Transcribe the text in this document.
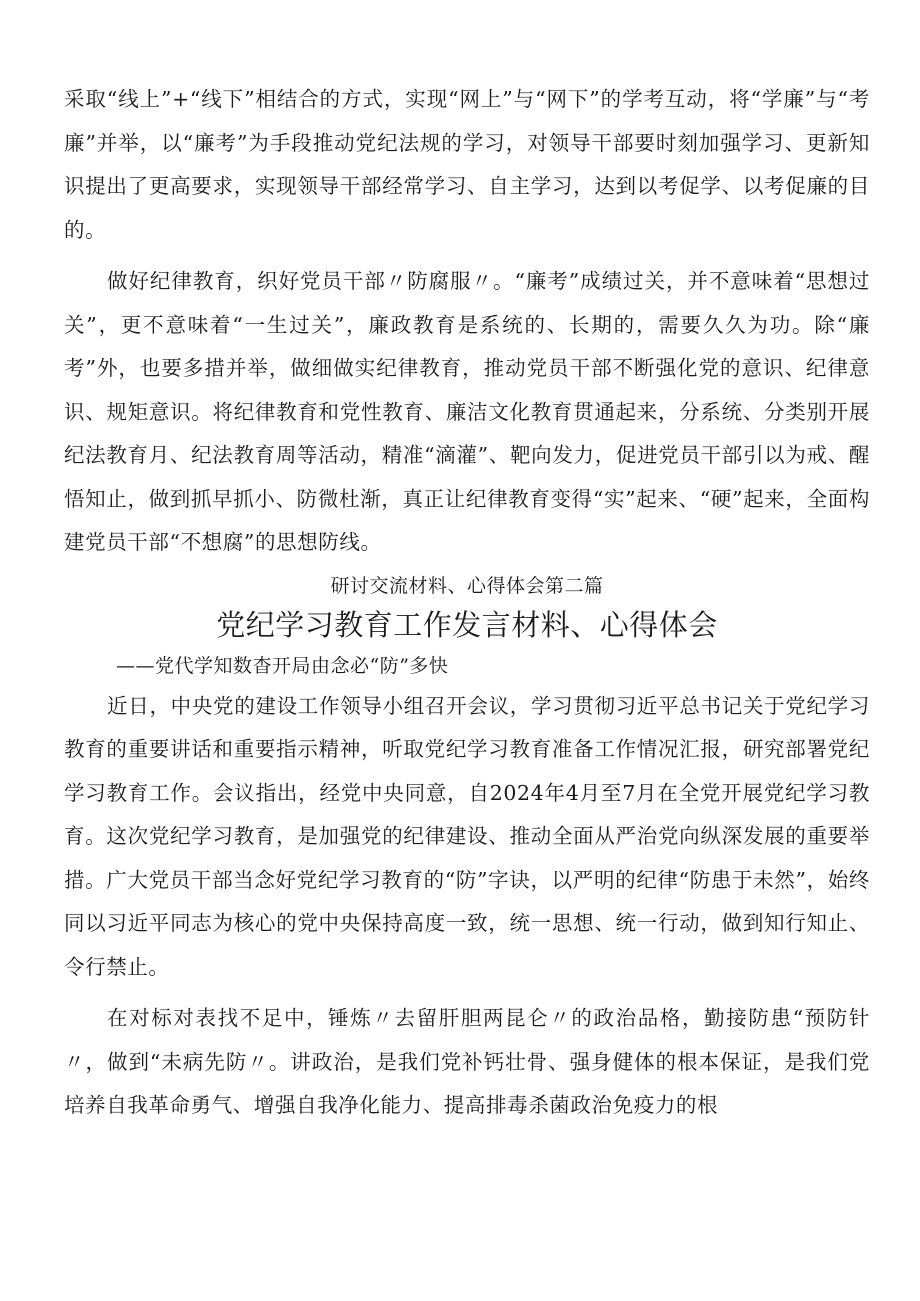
采取“线上”+“线下”相结合的方式，实现“网上”与“网下”的学考互动，将“学廉”与“考廉”并举，以“廉考”为手段推动党纪法规的学习，对领导干部要时刻加强学习、更新知识提出了更高要求，实现领导干部经常学习、自主学习，达到以考促学、以考促廉的目的。

做好纪律教育，织好党员干部〃防腐服〃。“廉考”成绩过关，并不意味着“思想过关”，更不意味着“一生过关”，廉政教育是系统的、长期的，需要久久为功。除“廉考”外，也要多措并举，做细做实纪律教育，推动党员干部不断强化党的意识、纪律意识、规矩意识。将纪律教育和党性教育、廉洁文化教育贯通起来，分系统、分类别开展纪法教育月、纪法教育周等活动，精准“滴灌”、靶向发力，促进党员干部引以为戒、醒悟知止，做到抓早抓小、防微杜渐，真正让纪律教育变得“实”起来、“硬”起来，全面构建党员干部“不想腐”的思想防线。

研讨交流材料、心得体会第二篇
党纪学习教育工作发言材料、心得体会
——党代学知数杳开局由念必“防”多快

近日，中央党的建设工作领导小组召开会议，学习贯彻习近平总书记关于党纪学习教育的重要讲话和重要指示精神，听取党纪学习教育准备工作情况汇报，研究部署党纪学习教育工作。会议指出，经党中央同意，自2024年4月至7月在全党开展党纪学习教育。这次党纪学习教育，是加强党的纪律建设、推动全面从严治党向纵深发展的重要举措。广大党员干部当念好党纪学习教育的“防”字诀，以严明的纪律“防患于未然”，始终同以习近平同志为核心的党中央保持高度一致，统一思想、统一行动，做到知行知止、令行禁止。

在对标对表找不足中，锤炼〃去留肝胆两昆仑〃的政治品格，勤接防患“预防针〃，做到“未病先防〃。讲政治，是我们党补钙壮骨、强身健体的根本保证，是我们党培养自我革命勇气、增强自我净化能力、提高排毒杀菌政治免疫力的根
